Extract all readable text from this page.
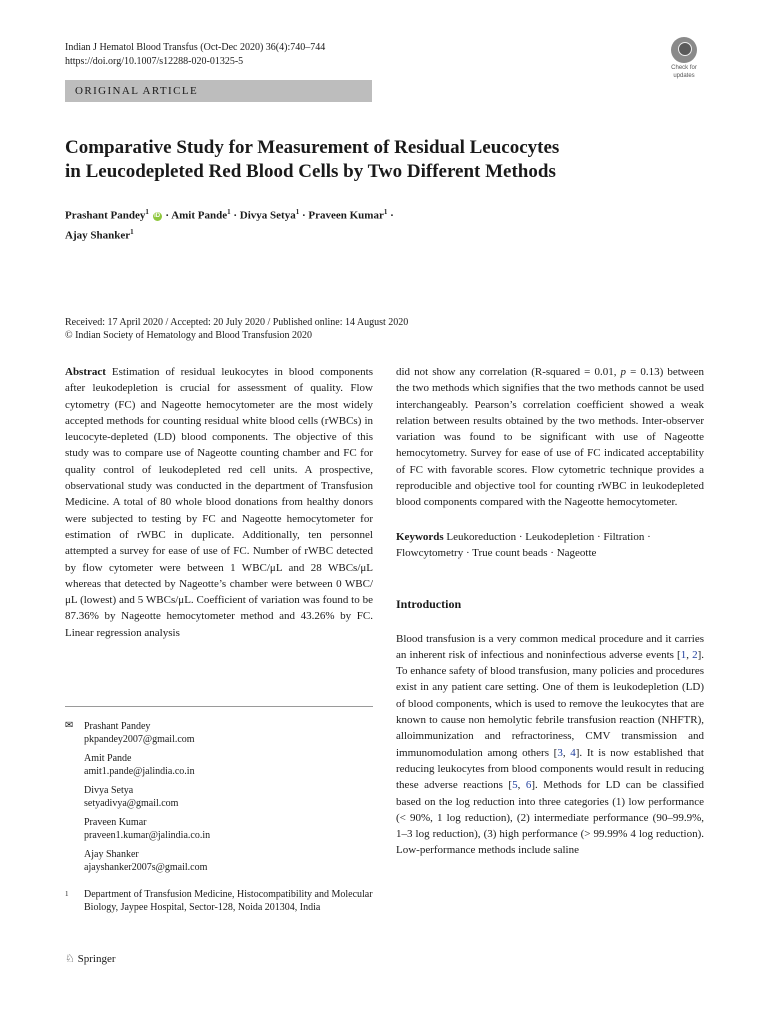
Indian J Hematol Blood Transfus (Oct-Dec 2020) 36(4):740–744
https://doi.org/10.1007/s12288-020-01325-5
Check for
updates
ORIGINAL ARTICLE
Comparative Study for Measurement of Residual Leucocytes
in Leucodepleted Red Blood Cells by Two Different Methods
Prashant Pandey$^1$ iD · Amit Pande$^1$ · Divya Setya$^1$ · Praveen Kumar$^1$ ·
Ajay Shanker$^1$
Received: 17 April 2020 / Accepted: 20 July 2020 / Published online: 14 August 2020
© Indian Society of Hematology and Blood Transfusion 2020

Abstract Estimation of residual leukocytes in blood components after leukodepletion is crucial for assessment of quality. Flow cytometry (FC) and Nageotte hemocytometer are the most widely accepted methods for counting residual white blood cells (rWBCs) in leucocyte-depleted (LD) blood components. The objective of this study was to compare use of Nageotte counting chamber and FC for quality control of leukodepleted red cell units. A prospective, observational study was conducted in the department of Transfusion Medicine. A total of 80 whole blood donations from healthy donors were subjected to testing by FC and Nageotte hemocytometer for estimation of rWBC in duplicate. Additionally, ten personnel attempted a survey for ease of use of FC. Number of rWBC detected by flow cytometer were between 1 WBC/μL and 28 WBCs/μL whereas that detected by Nageotte’s chamber were between 0 WBC/μL (lowest) and 5 WBCs/μL. Coefficient of variation was found to be 87.36% by Nageotte hemocytometer method and 43.26% by FC. Linear regression analysis

✉ Prashant Pandey
pkpandey2007@gmail.com
Amit Pande
amit1.pande@jalindia.co.in
Divya Setya
setyadivya@gmail.com
Praveen Kumar
praveen1.kumar@jalindia.co.in
Ajay Shanker
ajayshanker2007s@gmail.com
1	Department of Transfusion Medicine, Histocompatibility and Molecular Biology, Jaypee Hospital, Sector-128, Noida 201304, India
♘ Springer

did not show any correlation (R-squared = 0.01, p = 0.13) between the two methods which signifies that the two methods cannot be used interchangeably. Pearson’s correlation coefficient showed a weak relation between results obtained by the two methods. Inter-observer variation was found to be significant with use of Nageotte hemocytometry. Survey for ease of use of FC indicated acceptability of FC with favorable scores. Flow cytometric technique provides a reproducible and objective tool for counting rWBC in leukodepleted blood components compared with the Nageotte hemocytometer.

Keywords Leukoreduction · Leukodepletion · Filtration · Flowcytometry · True count beads · Nageotte

Introduction

Blood transfusion is a very common medical procedure and it carries an inherent risk of infectious and noninfectious adverse events [1, 2]. To enhance safety of blood transfusion, many policies and procedures exist in any patient care setting. One of them is leukodepletion (LD) of blood components, which is used to remove the leukocytes that are known to cause non hemolytic febrile transfusion reaction (NHFTR), alloimmunization and refractoriness, CMV transmission and immunomodulation among others [3, 4]. It is now established that reducing leukocytes from blood components would result in reducing these adverse reactions [5, 6]. Methods for LD can be classified based on the log reduction into three categories (1) low performance (< 90%, 1 log reduction), (2) intermediate performance (90–99.9%, 1–3 log reduction), (3) high performance (> 99.99% 4 log reduction). Low-performance methods include saline
